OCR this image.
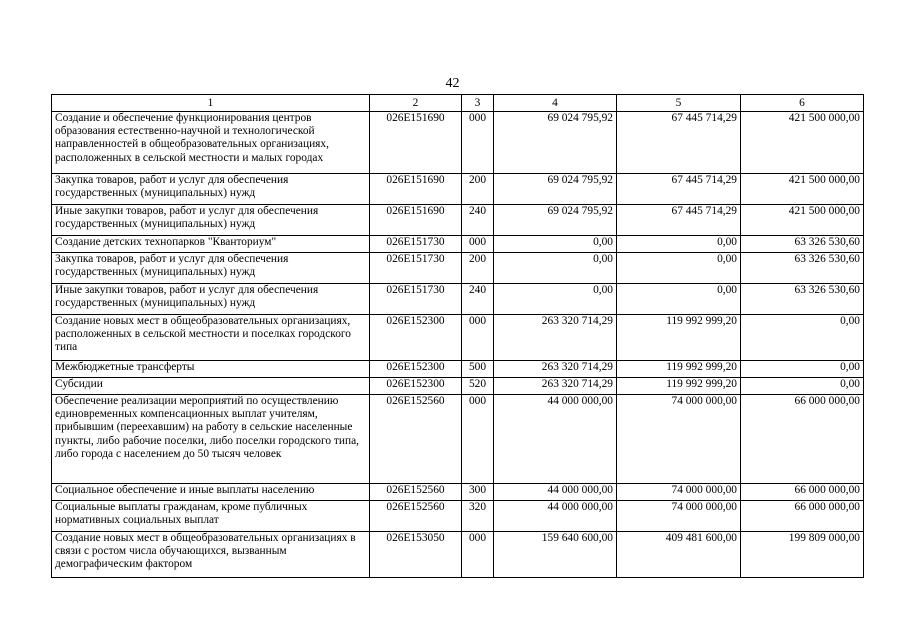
42
1	2	3	4	5	6
Создание и обеспечение функционирования центров образования естественно-научной и технологической направленностей в общеобразовательных организациях, расположенных в сельской местности и малых городах	026E151690	000	69 024 795,92	67 445 714,29	421 500 000,00
Закупка товаров, работ и услуг для обеспечения государственных (муниципальных) нужд	026E151690	200	69 024 795,92	67 445 714,29	421 500 000,00
Иные закупки товаров, работ и услуг для обеспечения государственных (муниципальных) нужд	026E151690	240	69 024 795,92	67 445 714,29	421 500 000,00
Создание детских технопарков "Кванториум"	026E151730	000	0,00	0,00	63 326 530,60
Закупка товаров, работ и услуг для обеспечения государственных (муниципальных) нужд	026E151730	200	0,00	0,00	63 326 530,60
Иные закупки товаров, работ и услуг для обеспечения государственных (муниципальных) нужд	026E151730	240	0,00	0,00	63 326 530,60
Создание новых мест в общеобразовательных организациях, расположенных в сельской местности и поселках городского типа	026E152300	000	263 320 714,29	119 992 999,20	0,00
Межбюджетные трансферты	026E152300	500	263 320 714,29	119 992 999,20	0,00
Субсидии	026E152300	520	263 320 714,29	119 992 999,20	0,00
Обеспечение реализации мероприятий по осуществлению единовременных компенсационных выплат учителям, прибывшим (переехавшим) на работу в сельские населенные пункты, либо рабочие поселки, либо поселки городского типа, либо города с населением до 50 тысяч человек	026E152560	000	44 000 000,00	74 000 000,00	66 000 000,00
Социальное обеспечение и иные выплаты населению	026E152560	300	44 000 000,00	74 000 000,00	66 000 000,00
Социальные выплаты гражданам, кроме публичных нормативных социальных выплат	026E152560	320	44 000 000,00	74 000 000,00	66 000 000,00
Создание новых мест в общеобразовательных организациях в связи с ростом числа обучающихся, вызванным демографическим фактором	026E153050	000	159 640 600,00	409 481 600,00	199 809 000,00
